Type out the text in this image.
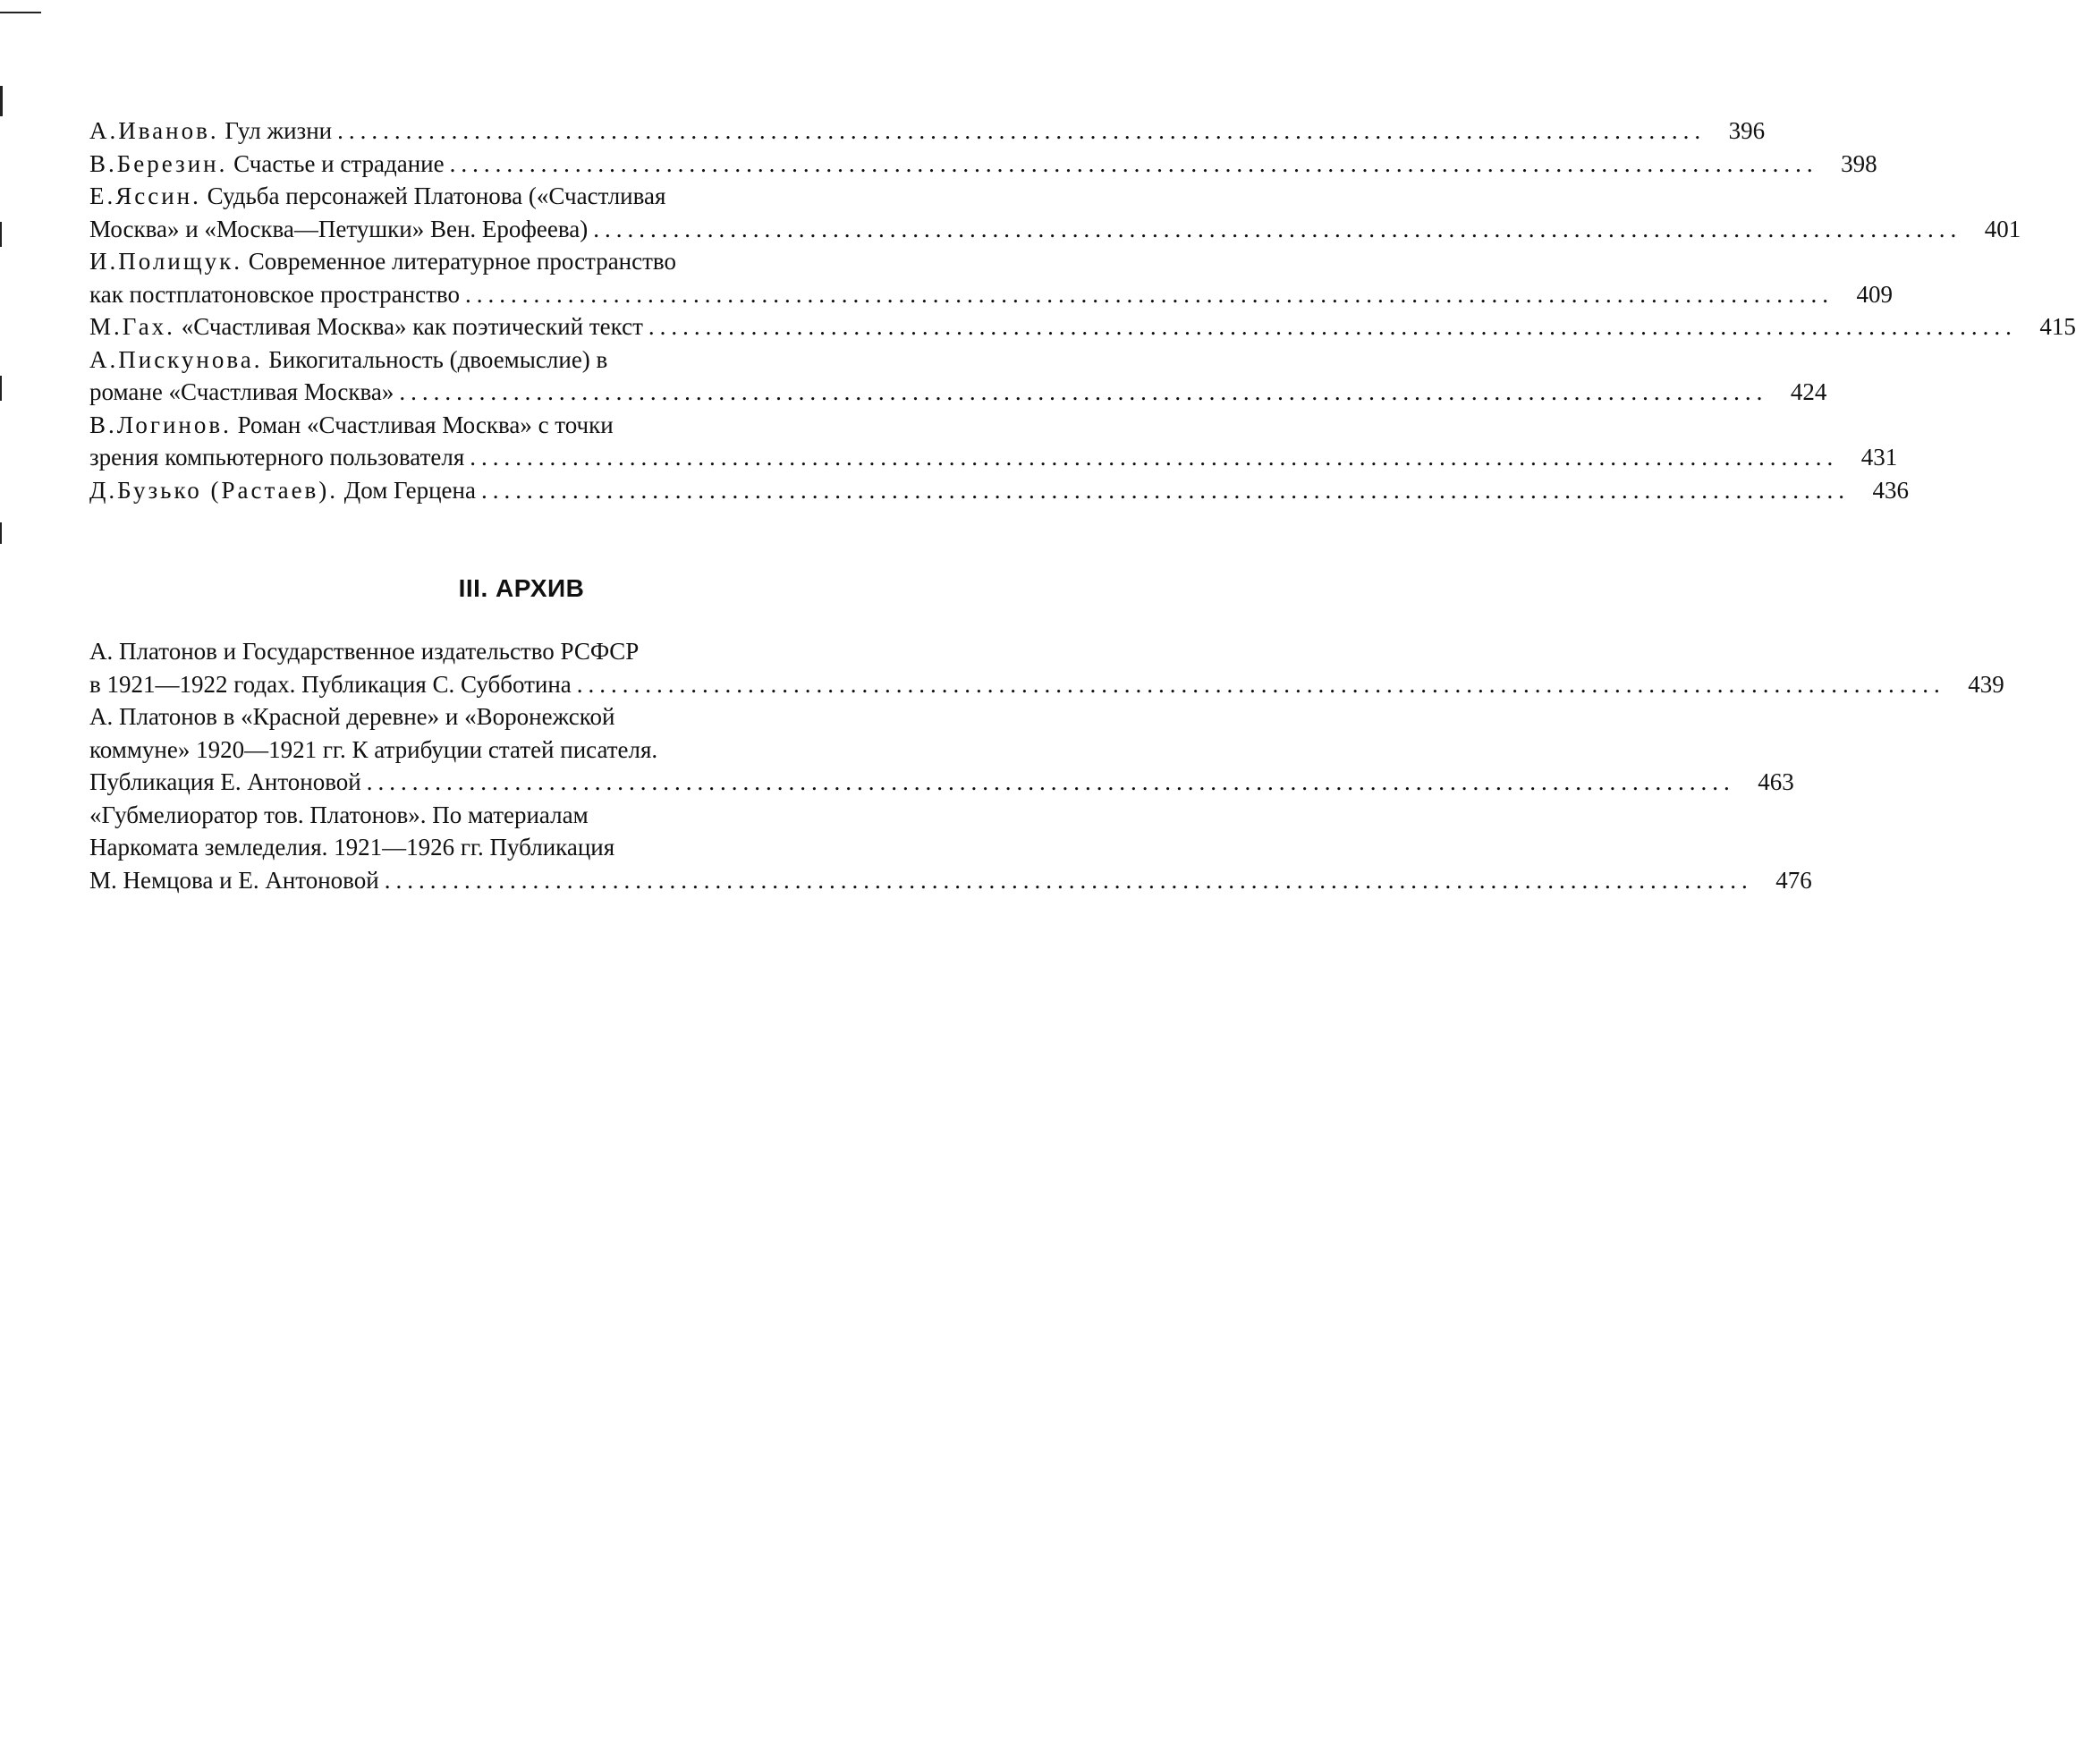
А.Иванов. Гул жизни ........................................................................................................................ 396
В.Березин. Счастье и страдание ........................................................................................................................ 398
Е.Яссин. Судьба персонажей Платонова («Счастливая
Москва» и «Москва—Петушки» Вен. Ерофеева) ........................................................................................................................ 401
И.Полищук. Современное литературное пространство
как постплатоновское пространство ........................................................................................................................ 409
М.Гах. «Счастливая Москва» как поэтический текст ........................................................................................................................ 415
А.Пискунова. Бикогитальность (двоемыслие) в
романе «Счастливая Москва» ........................................................................................................................ 424
В.Логинов. Роман «Счастливая Москва» с точки
зрения компьютерного пользователя ........................................................................................................................ 431
Д.Бузько (Растаев). Дом Герцена ........................................................................................................................ 436
III. АРХИВ
А. Платонов и Государственное издательство РСФСР
в 1921—1922 годах. Публикация С. Субботина ........................................................................................................................ 439
А. Платонов в «Красной деревне» и «Воронежской
коммуне» 1920—1921 гг. К атрибуции статей писателя.
Публикация Е. Антоновой ........................................................................................................................ 463
«Губмелиоратор тов. Платонов». По материалам
Наркомата земледелия. 1921—1926 гг. Публикация
М. Немцова и Е. Антоновой ........................................................................................................................ 476
